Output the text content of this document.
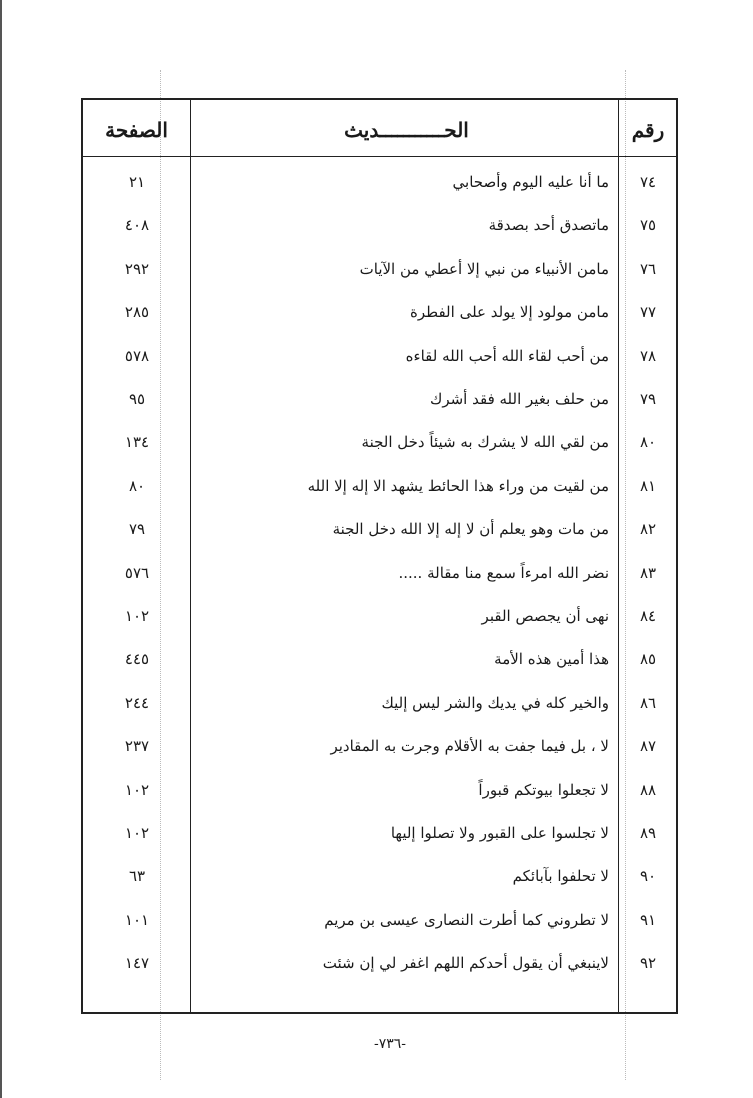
رقم
الحـــــــــــديث
الصفحة
٧٤
ما أنا عليه اليوم وأصحابي
٢١
٧٥
ماتصدق أحد بصدقة
٤٠٨
٧٦
مامن الأنبياء من نبي إلا أعطي من الآيات
٢٩٢
٧٧
مامن مولود إلا يولد على الفطرة
٢٨٥
٧٨
من أحب لقاء الله أحب الله لقاءه
٥٧٨
٧٩
من حلف بغير الله فقد أشرك
٩٥
٨٠
من لقي الله لا يشرك به شيئاً دخل الجنة
١٣٤
٨١
من لقيت من وراء هذا الحائط يشهد الا إله إلا الله
٨٠
٨٢
من مات وهو يعلم أن لا إله إلا الله دخل الجنة
٧٩
٨٣
نضر الله امرءاً سمع منا مقالة .....
٥٧٦
٨٤
نهى أن يجصص القبر
١٠٢
٨٥
هذا أمين هذه الأمة
٤٤٥
٨٦
والخير كله في يديك والشر ليس إليك
٢٤٤
٨٧
لا ، بل فيما جفت به الأقلام وجرت به المقادير
٢٣٧
٨٨
لا تجعلوا بيوتكم قبوراً
١٠٢
٨٩
لا تجلسوا على القبور ولا تصلوا إليها
١٠٢
٩٠
لا تحلفوا بآبائكم
٦٣
٩١
لا تطروني كما أطرت النصارى عيسى بن مريم
١٠١
٩٢
لاينبغي أن يقول أحدكم اللهم اغفر لي إن شئت
١٤٧
-٧٣٦-
